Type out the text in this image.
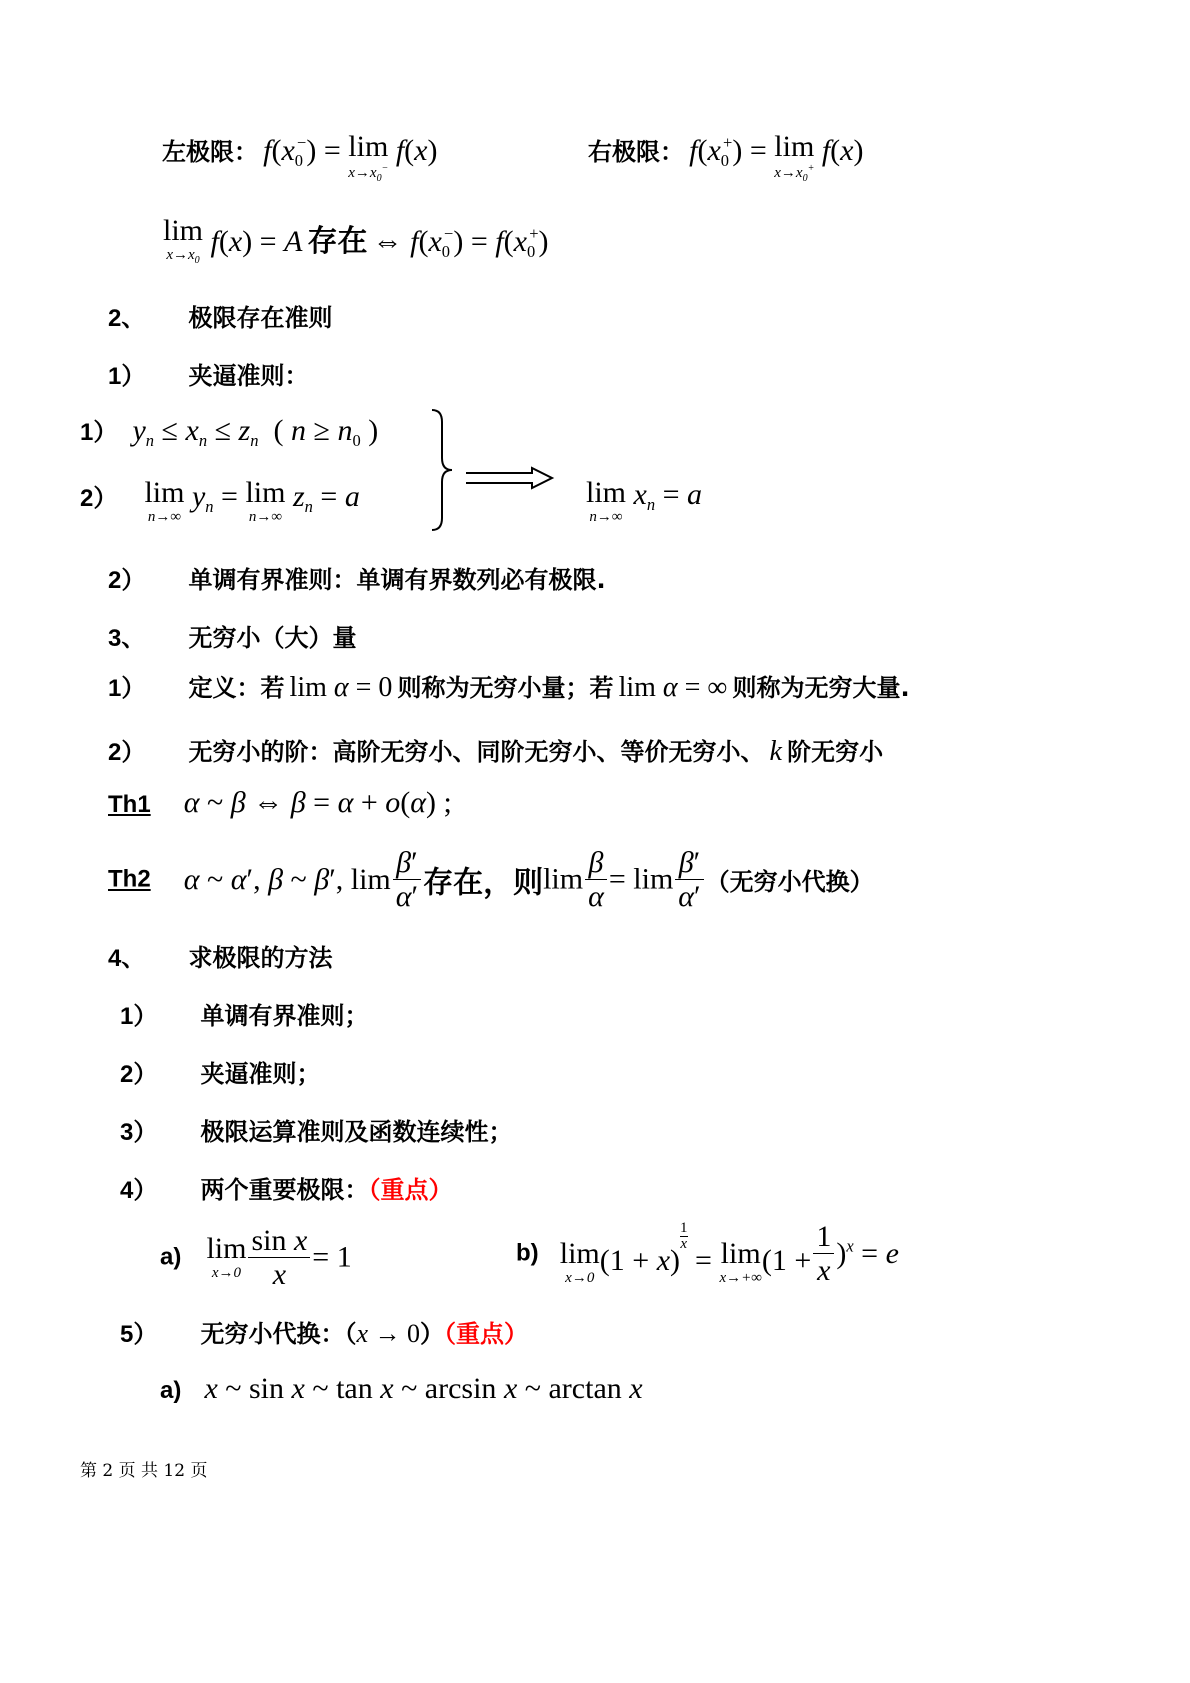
左极限： $f(x_0^-) = \lim$
$x\to x_0^-$
f(x)	右极限： $f(x_0^+) = \lim$
$x\to x_0^+$
f(x)
lim
$x\to x_0$
f(x) = A 存在 ⇔ $f(x_0^-) = f(x_0^+)$
2、 极限存在准则
1） 夹逼准则：
1） $y_n \le x_n \le z_n$  ( $n \ge n_0$ )
2） lim
n→∞
$y_n = \lim$
n→∞
$z_n = a$	lim
n→∞
$x_n = a$
2） 单调有界准则：单调有界数列必有极限.
3、 无穷小（大）量
1） 定义：若 lim α = 0 则称为无穷小量；若 lim α = ∞ 则称为无穷大量.
2） 无穷小的阶：高阶无穷小、同阶无穷小、等价无穷小、 k 阶无穷小
Th1 α ~ β ⇔ β = α + o(α) ;
Th2 α ~ α′, β ~ β′, $\lim \frac{\beta'}{\alpha'}$ 存在，则$\lim \frac{\beta}{\alpha} = \lim \frac{\beta'}{\alpha'}$ （无穷小代换）
4、 求极限的方法
1） 单调有界准则；
2） 夹逼准则；
3） 极限运算准则及函数连续性；
4） 两个重要极限：（重点）
a) lim
$x\to 0 \frac{\text{sin x}}{x} = 1$	b) lim
x→0
(1 + x)
$^{\frac{1}{x}}$
= lim
x→+∞
$(1 + \frac{1}{x} )^x = e$
5） 无穷小代换：（x → 0）（重点）
a) x ~ sin x ~ tan x ~ arcsin x ~ arctan x
第 2 页 共 12 页
